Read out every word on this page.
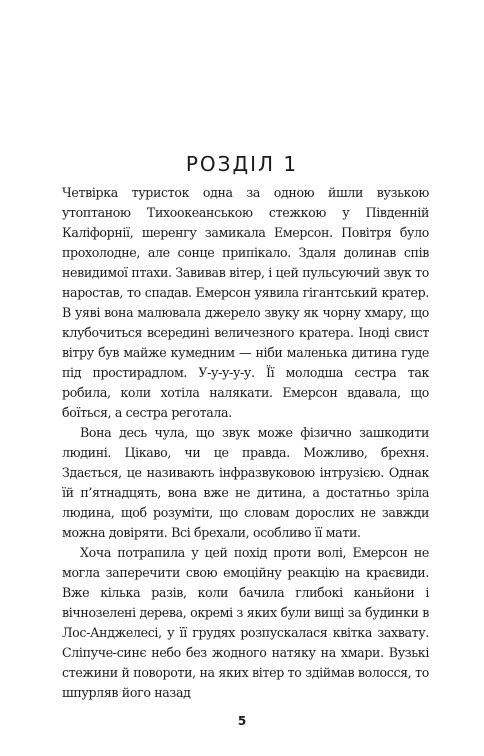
РОЗДІЛ 1

Четвірка туристок одна за одною йшли вузькою утоптаною Тихоокеанською стежкою у Південній Каліфорнії, шеренгу замикала Емерсон. Повітря було прохолодне, але сонце припікало. Здаля долинав спів невидимої птахи. Завивав вітер, і цей пульсуючий звук то наростав, то спадав. Емерсон уявила гігантський кратер. В уяві вона малювала джерело звуку як чорну хмару, що клубочиться всередині величезного кратера. Іноді свист вітру був майже кумедним — ніби маленька дитина гуде під простирадлом. У-у-у-у-у. Її молодша сестра так робила, коли хотіла налякати. Емерсон вдавала, що боїться, а сестра реготала.

Вона десь чула, що звук може фізично зашкодити людині. Цікаво, чи це правда. Можливо, брехня. Здається, це називають інфразвуковою інтрузією. Однак їй п’ятнадцять, вона вже не дитина, а достатньо зріла людина, щоб розуміти, що словам дорослих не завжди можна довіряти. Всі брехали, особливо її мати.

Хоча потрапила у цей похід проти волі, Емерсон не могла заперечити свою емоційну реакцію на краєвиди. Вже кілька разів, коли бачила глибокі каньйони і вічнозелені дерева, окремі з яких були вищі за будинки в Лос-Анджелесі, у її грудях розпускалася квітка захвату. Сліпуче-синє небо без жодного натяку на хмари. Вузькі стежини й повороти, на яких вітер то здіймав волосся, то шпурляв його назад

5
